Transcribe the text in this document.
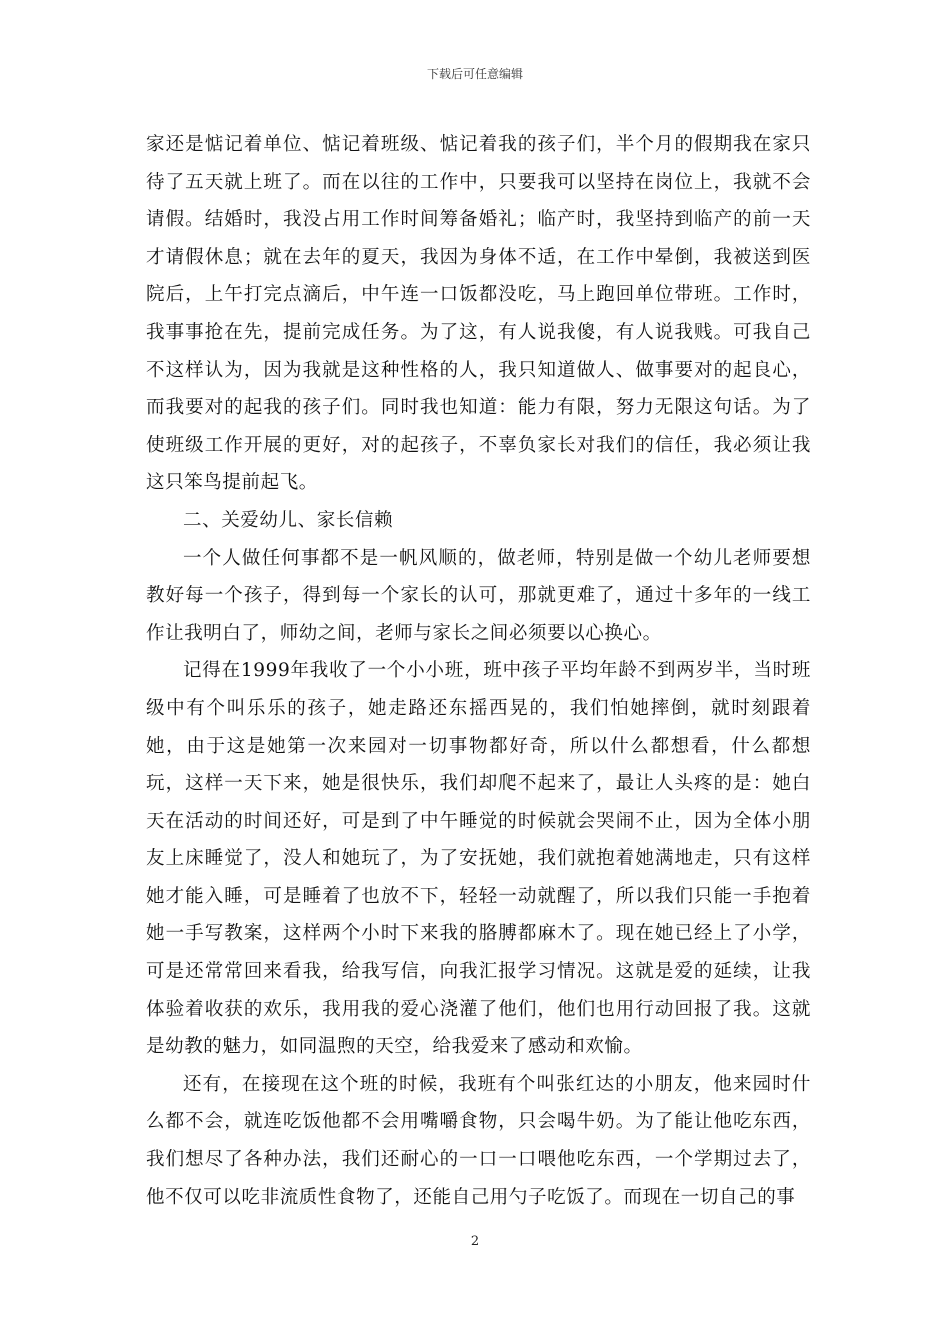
下载后可任意编辑

家还是惦记着单位、惦记着班级、惦记着我的孩子们，半个月的假期我在家只待了五天就上班了。而在以往的工作中，只要我可以坚持在岗位上，我就不会请假。结婚时，我没占用工作时间筹备婚礼；临产时，我坚持到临产的前一天才请假休息；就在去年的夏天，我因为身体不适，在工作中晕倒，我被送到医院后，上午打完点滴后，中午连一口饭都没吃，马上跑回单位带班。工作时，我事事抢在先，提前完成任务。为了这，有人说我傻，有人说我贱。可我自己不这样认为，因为我就是这种性格的人，我只知道做人、做事要对的起良心，而我要对的起我的孩子们。同时我也知道：能力有限，努力无限这句话。为了使班级工作开展的更好，对的起孩子，不辜负家长对我们的信任，我必须让我这只笨鸟提前起飞。

二、关爱幼儿、家长信赖

一个人做任何事都不是一帆风顺的，做老师，特别是做一个幼儿老师要想教好每一个孩子，得到每一个家长的认可，那就更难了，通过十多年的一线工作让我明白了，师幼之间，老师与家长之间必须要以心换心。

记得在1999年我收了一个小小班，班中孩子平均年龄不到两岁半，当时班级中有个叫乐乐的孩子，她走路还东摇西晃的，我们怕她摔倒，就时刻跟着她，由于这是她第一次来园对一切事物都好奇，所以什么都想看，什么都想玩，这样一天下来，她是很快乐，我们却爬不起来了，最让人头疼的是：她白天在活动的时间还好，可是到了中午睡觉的时候就会哭闹不止，因为全体小朋友上床睡觉了，没人和她玩了，为了安抚她，我们就抱着她满地走，只有这样她才能入睡，可是睡着了也放不下，轻轻一动就醒了，所以我们只能一手抱着她一手写教案，这样两个小时下来我的胳膊都麻木了。现在她已经上了小学，可是还常常回来看我，给我写信，向我汇报学习情况。这就是爱的延续，让我体验着收获的欢乐，我用我的爱心浇灌了他们，他们也用行动回报了我。这就是幼教的魅力，如同温煦的天空，给我爱来了感动和欢愉。

还有，在接现在这个班的时候，我班有个叫张红达的小朋友，他来园时什么都不会，就连吃饭他都不会用嘴嚼食物，只会喝牛奶。为了能让他吃东西，我们想尽了各种办法，我们还耐心的一口一口喂他吃东西，一个学期过去了，他不仅可以吃非流质性食物了，还能自己用勺子吃饭了。而现在一切自己的事

2
